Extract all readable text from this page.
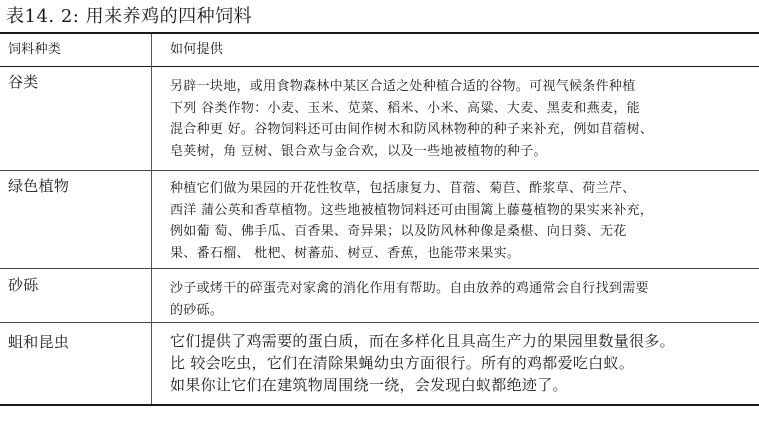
表14. 2: 用来养鸡的四种饲料
饲料种类	如何提供
谷类	另辟一块地，或用食物森林中某区合适之处种植合适的谷物。可视气候条件种植
下列 谷类作物：小麦、玉米、苋菜、稻米、小米、高粱、大麦、黑麦和燕麦，能
混合种更 好。谷物饲料还可由间作树木和防风林物种的种子来补充，例如苜蓿树、
皂荚树，角 豆树、银合欢与金合欢，以及一些地被植物的种子。
绿色植物	种植它们做为果园的开花性牧草，包括康复力、苜蓿、菊苣、酢浆草、荷兰芹、
西洋 蒲公英和香草植物。这些地被植物饲料还可由围篱上藤蔓植物的果实来补充，
例如葡 萄、佛手瓜、百香果、奇异果；以及防风林种像是桑椹、向日葵、无花
果、番石榴、 枇杷、树蕃茄、树豆、香蕉，也能带来果实。
砂砾	沙子或烤干的碎蛋壳对家禽的消化作用有帮助。自由放养的鸡通常会自行找到需要
的砂砾。
蛆和昆虫	它们提供了鸡需要的蛋白质，而在多样化且具高生产力的果园里数量很多。
比 较会吃虫，它们在清除果蝇幼虫方面很行。所有的鸡都爱吃白蚁。
如果你让它们在建筑物周围绕一绕，会发现白蚁都绝迹了。
